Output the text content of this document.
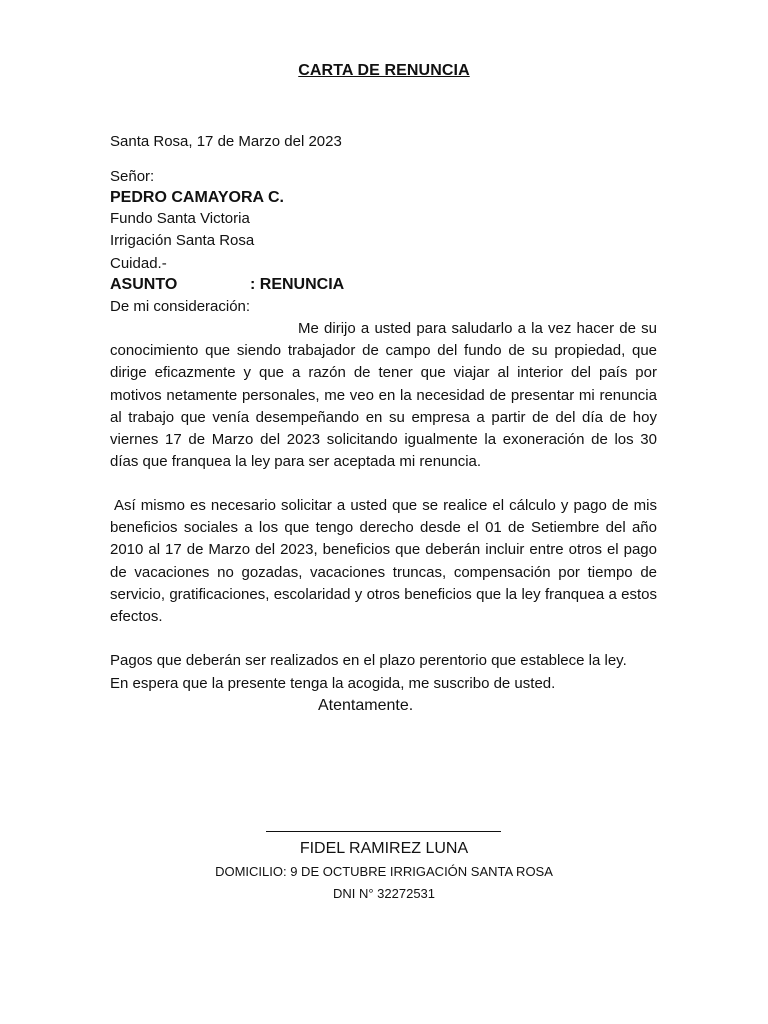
CARTA DE RENUNCIA
Santa Rosa, 17 de Marzo del 2023
Señor:
PEDRO CAMAYORA C.
Fundo Santa Victoria
Irrigación Santa Rosa
Cuidad.-
ASUNTO	: RENUNCIA
De mi consideración:
Me dirijo a usted para saludarlo a la vez hacer de su conocimiento que siendo trabajador de campo del fundo de su propiedad, que dirige eficazmente y que a razón de tener que viajar al interior del país por motivos netamente personales, me veo en la necesidad de presentar mi renuncia al trabajo que venía desempeñando en su empresa a partir de del día de hoy viernes 17 de Marzo del 2023 solicitando igualmente la exoneración de los 30 días que franquea la ley para ser aceptada mi renuncia.
Así mismo es necesario solicitar a usted que se realice el cálculo y pago de mis beneficios sociales a los que tengo derecho desde el 01 de Setiembre del año 2010 al 17 de Marzo del 2023, beneficios que deberán incluir entre otros el pago de vacaciones no gozadas, vacaciones truncas, compensación por tiempo de servicio, gratificaciones, escolaridad y otros beneficios que la ley franquea a estos efectos.
Pagos que deberán ser realizados en el plazo perentorio que establece la ley.
En espera que la presente tenga la acogida, me suscribo de usted.
Atentamente.
FIDEL RAMIREZ LUNA
DOMICILIO: 9 DE OCTUBRE IRRIGACIÓN SANTA ROSA
DNI N° 32272531
